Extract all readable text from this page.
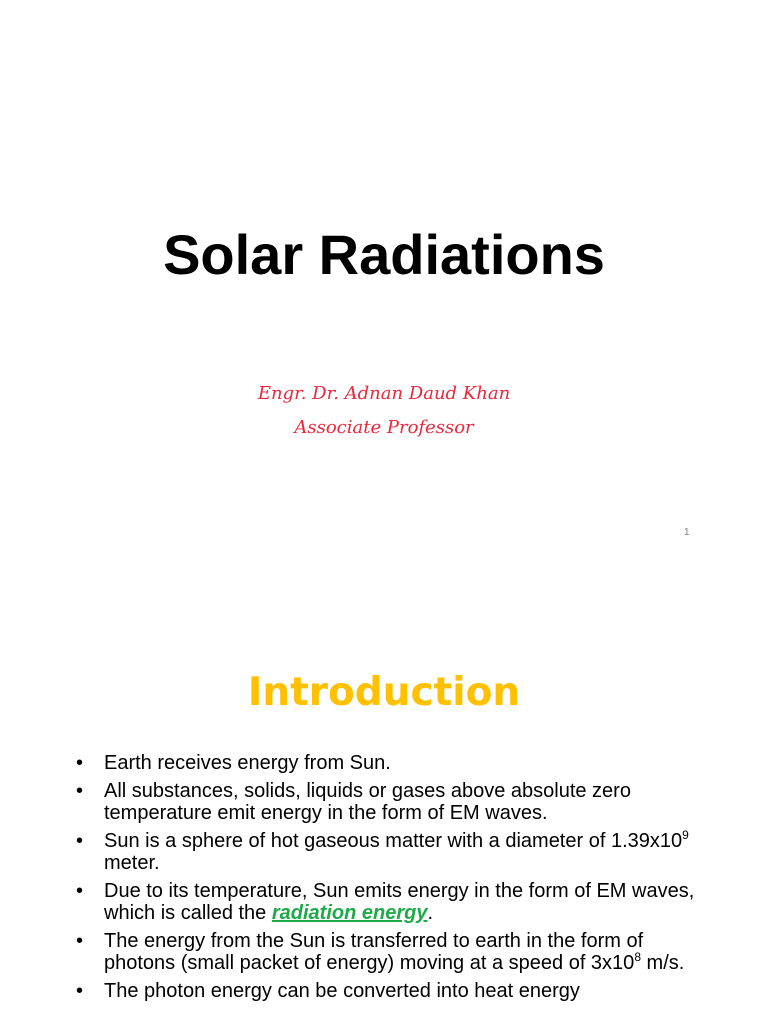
Solar Radiations
Engr. Dr. Adnan Daud Khan
Associate Professor
1
Introduction
• Earth receives energy from Sun.
• All substances, solids, liquids or gases above absolute zero temperature emit energy in the form of EM waves.
• Sun is a sphere of hot gaseous matter with a diameter of $1.39x10^9$ meter.
• Due to its temperature, Sun emits energy in the form of EM waves, which is called the radiation energy.
• The energy from the Sun is transferred to earth in the form of photons (small packet of energy) moving at a speed of $3x10^8$ m/s.
• The photon energy can be converted into heat energy
